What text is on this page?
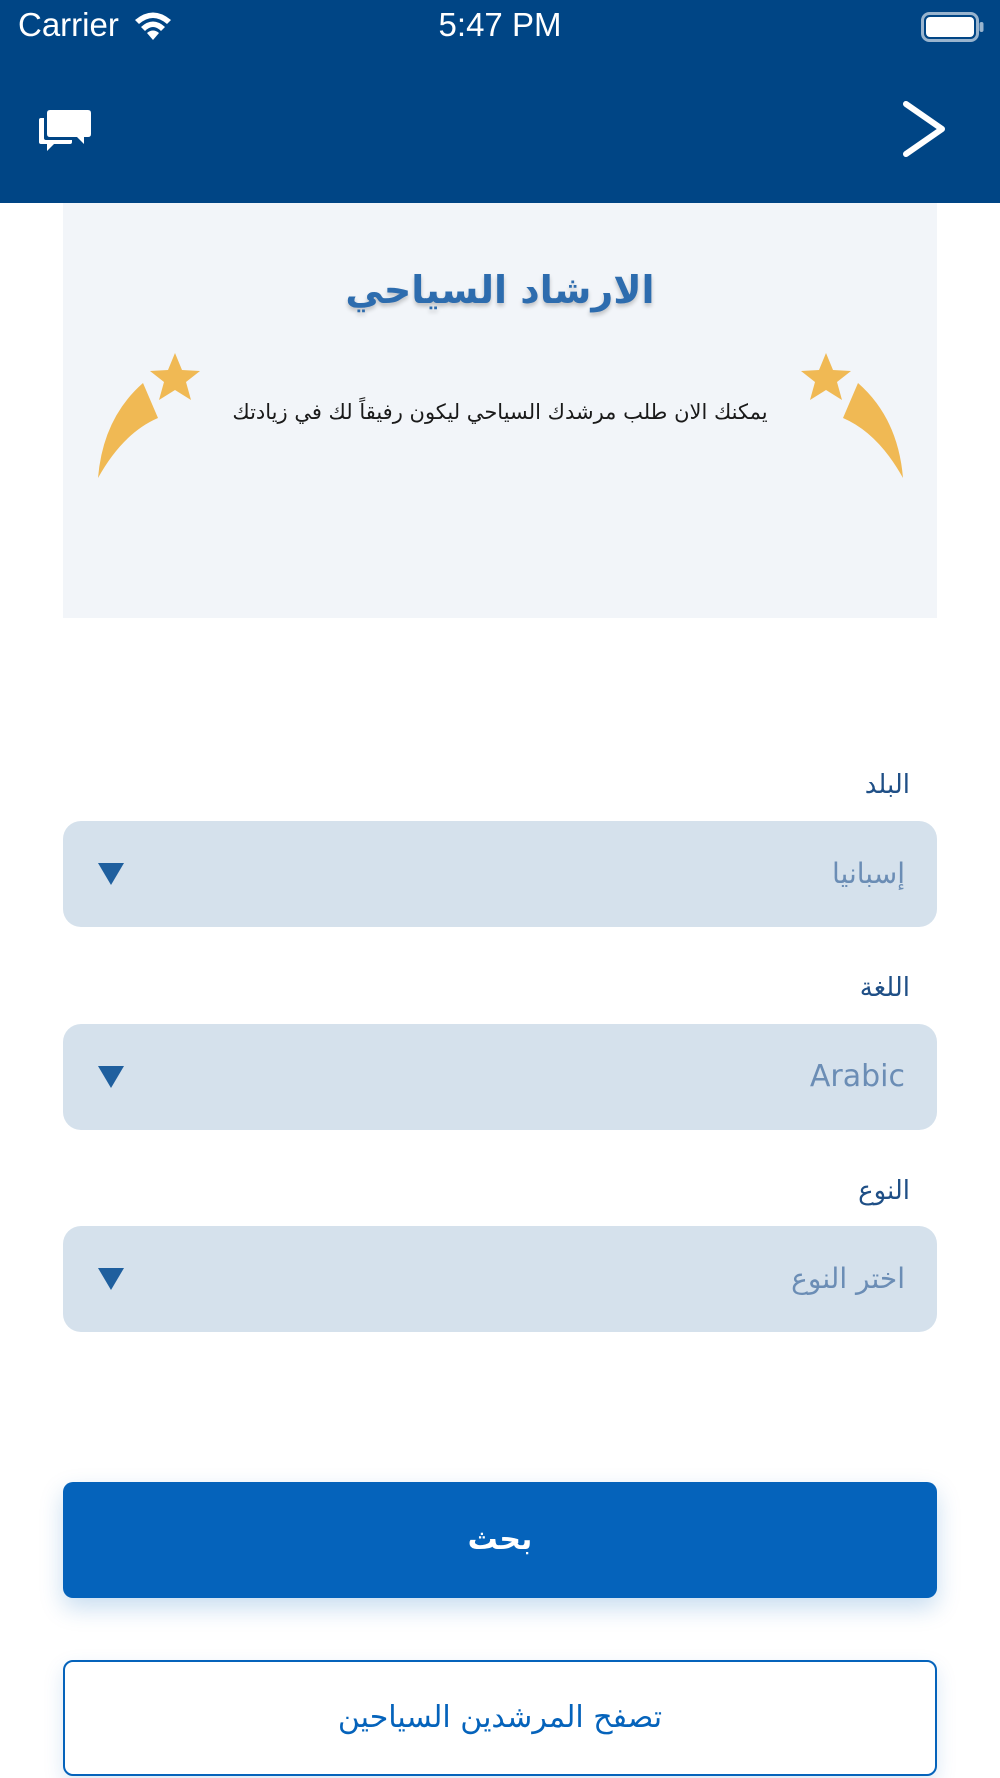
Carrier	5:47 PM
الارشاد السياحي
يمكنك الان طلب مرشدك السياحي ليكون رفيقاً لك في زيادتك
البلد
إسبانيا
اللغة
Arabic
النوع
اختر النوع
بحث
تصفح المرشدين السياحين
